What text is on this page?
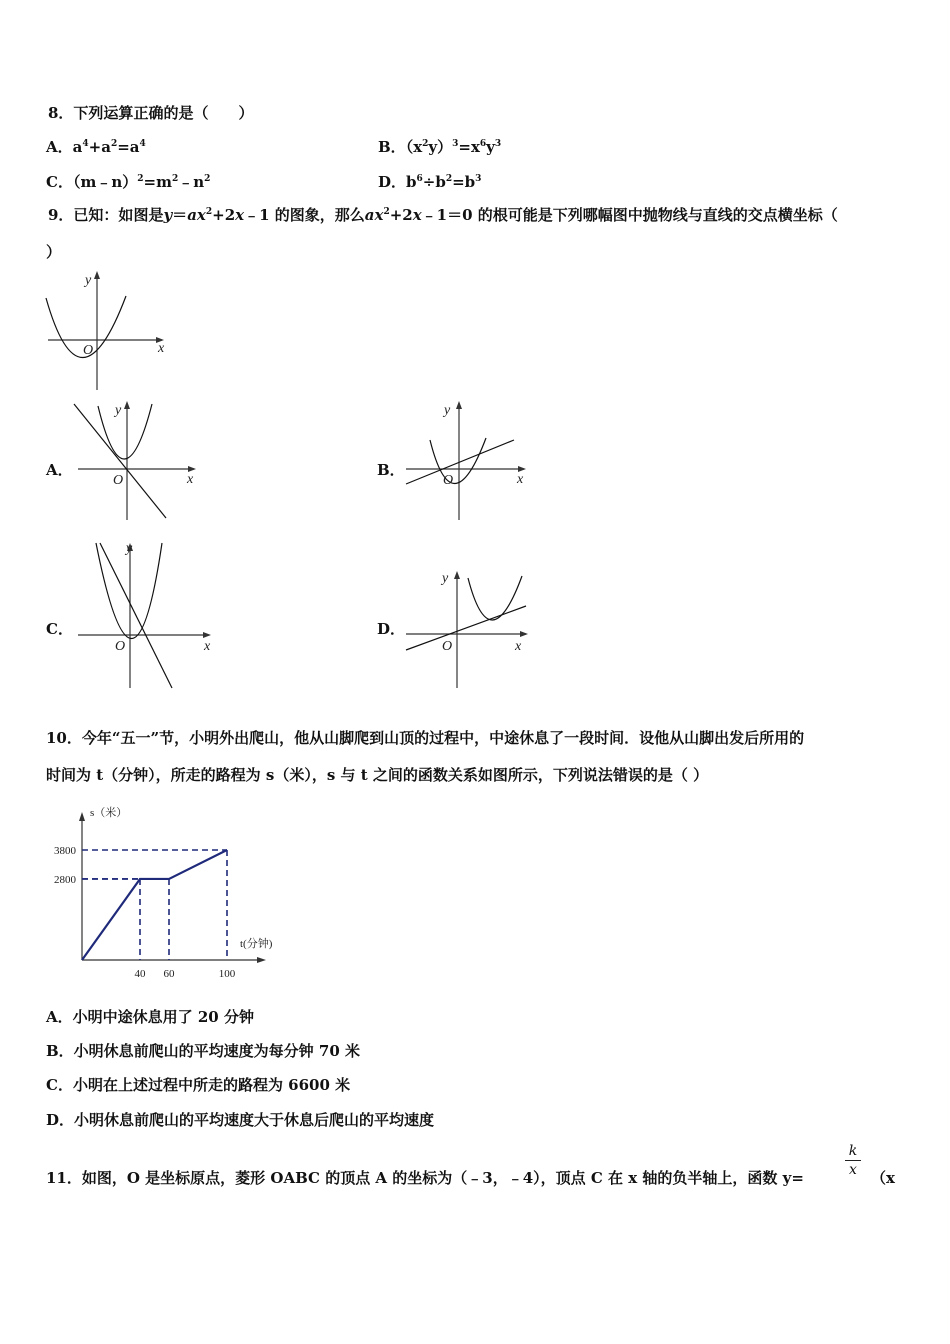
8．下列运算正确的是（　　）
A．$a^4+a^2=a^4$	B．$(x^2y)^3=x^6y^3$
C．$(m﹣n)^2=m^2﹣n^2$	D．$b^6\div b^2=b^3$
9．已知：如图是$y=ax^2+2x﹣1$ 的图象，那么$ax^2+2x﹣1=0$ 的根可能是下列哪幅图中抛物线与直线的交点横坐标（
）
y
x
O
A．
y
x
O
B．
y
x
O
C．
y
x
O
D．
y
x
O
10．今年“五一”节，小明外出爬山，他从山脚爬到山顶的过程中，中途休息了一段时间．设他从山脚出发后所用的
时间为 t（分钟），所走的路程为 s（米），s 与 t 之间的函数关系如图所示，下列说法错误的是（ ）
s（米）
t(分钟)
40 60	100
3800
2800
A．小明中途休息用了 20 分钟
B．小明休息前爬山的平均速度为每分钟 70 米
C．小明在上述过程中所走的路程为 6600 米
D．小明休息前爬山的平均速度大于休息后爬山的平均速度
11．如图，O 是坐标原点，菱形 OABC 的顶点 A 的坐标为（﹣3，﹣4），顶点 C 在 x 轴的负半轴上，函数 y=	$\frac{k}{x} (x$
